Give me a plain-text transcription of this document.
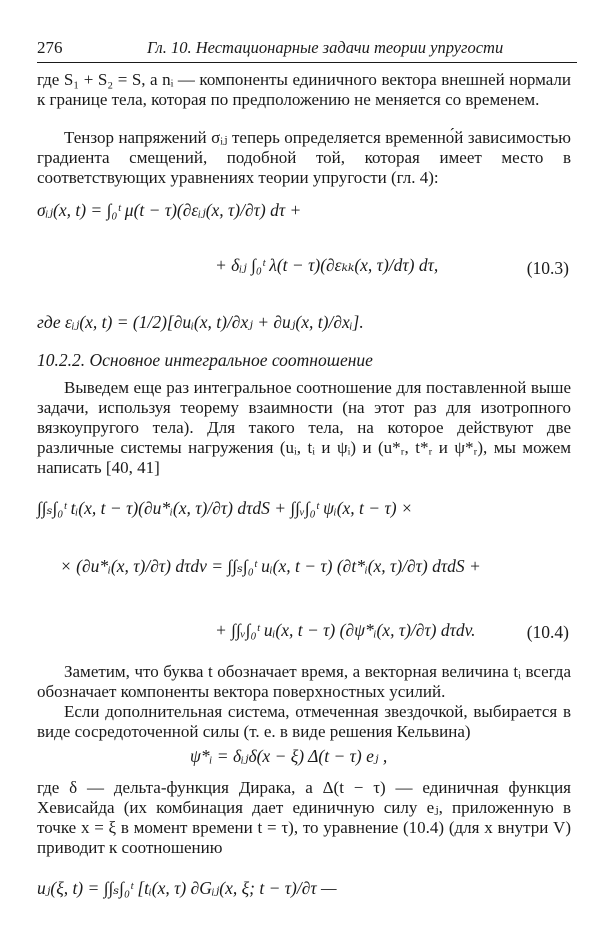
276	Гл. 10. Нестационарные задачи теории упругости
где S₁ + S₂ = S, а nᵢ — компоненты единичного вектора внешней нормали к границе тела, которая по предположению не меняется со временем.
Тензор напряжений σᵢⱼ теперь определяется временно́й зависимостью градиента смещений, подобной той, которая имеет место в соответствующих уравнениях теории упругости (гл. 4):
σᵢⱼ(x, t) = ∫₀ᵗ μ(t − τ)(∂εᵢⱼ(x, τ)/∂τ) dτ +
+ δᵢⱼ ∫₀ᵗ λ(t − τ)(∂εₖₖ(x, τ)/dτ) dτ,	(10.3)
где εᵢⱼ(x, t) = (1/2)[∂uᵢ(x, t)/∂xⱼ + ∂uⱼ(x, t)/∂xᵢ].
10.2.2. Основное интегральное соотношение
Выведем еще раз интегральное соотношение для поставленной выше задачи, используя теорему взаимности (на этот раз для изотропного вязкоупругого тела). Для такого тела, на которое действуют две различные системы нагружения (uᵢ, tᵢ и ψᵢ) и (u*ᵣ, t*ᵣ и ψ*ᵣ), мы можем написать [40, 41]
∫∫ₛ∫₀ᵗ tᵢ(x, t − τ)(∂u*ᵢ(x, τ)/∂τ) dτdS + ∫∫ᵥ∫₀ᵗ ψᵢ(x, t − τ) ×
× (∂u*ᵢ(x, τ)/∂τ) dτdv = ∫∫ₛ∫₀ᵗ uᵢ(x, t − τ) (∂t*ᵢ(x, τ)/∂τ) dτdS +
+ ∫∫ᵥ∫₀ᵗ uᵢ(x, t − τ) (∂ψ*ᵢ(x, τ)/∂τ) dτdv.	(10.4)
Заметим, что буква t обозначает время, а векторная величина tᵢ всегда обозначает компоненты вектора поверхностных усилий.
Если дополнительная система, отмеченная звездочкой, выбирается в виде сосредоточенной силы (т. е. в виде решения Кельвина)
ψ*ᵢ = δᵢⱼδ(x − ξ) Δ(t − τ) eⱼ ,
где δ — дельта-функция Дирака, а Δ(t − τ) — единичная функция Хевисайда (их комбинация дает единичную силу eⱼ, приложенную в точке x = ξ в момент времени t = τ), то уравнение (10.4) (для x внутри V) приводит к соотношению
uⱼ(ξ, t) = ∫∫ₛ∫₀ᵗ [tᵢ(x, τ) ∂Gᵢⱼ(x, ξ; t − τ)/∂τ —
